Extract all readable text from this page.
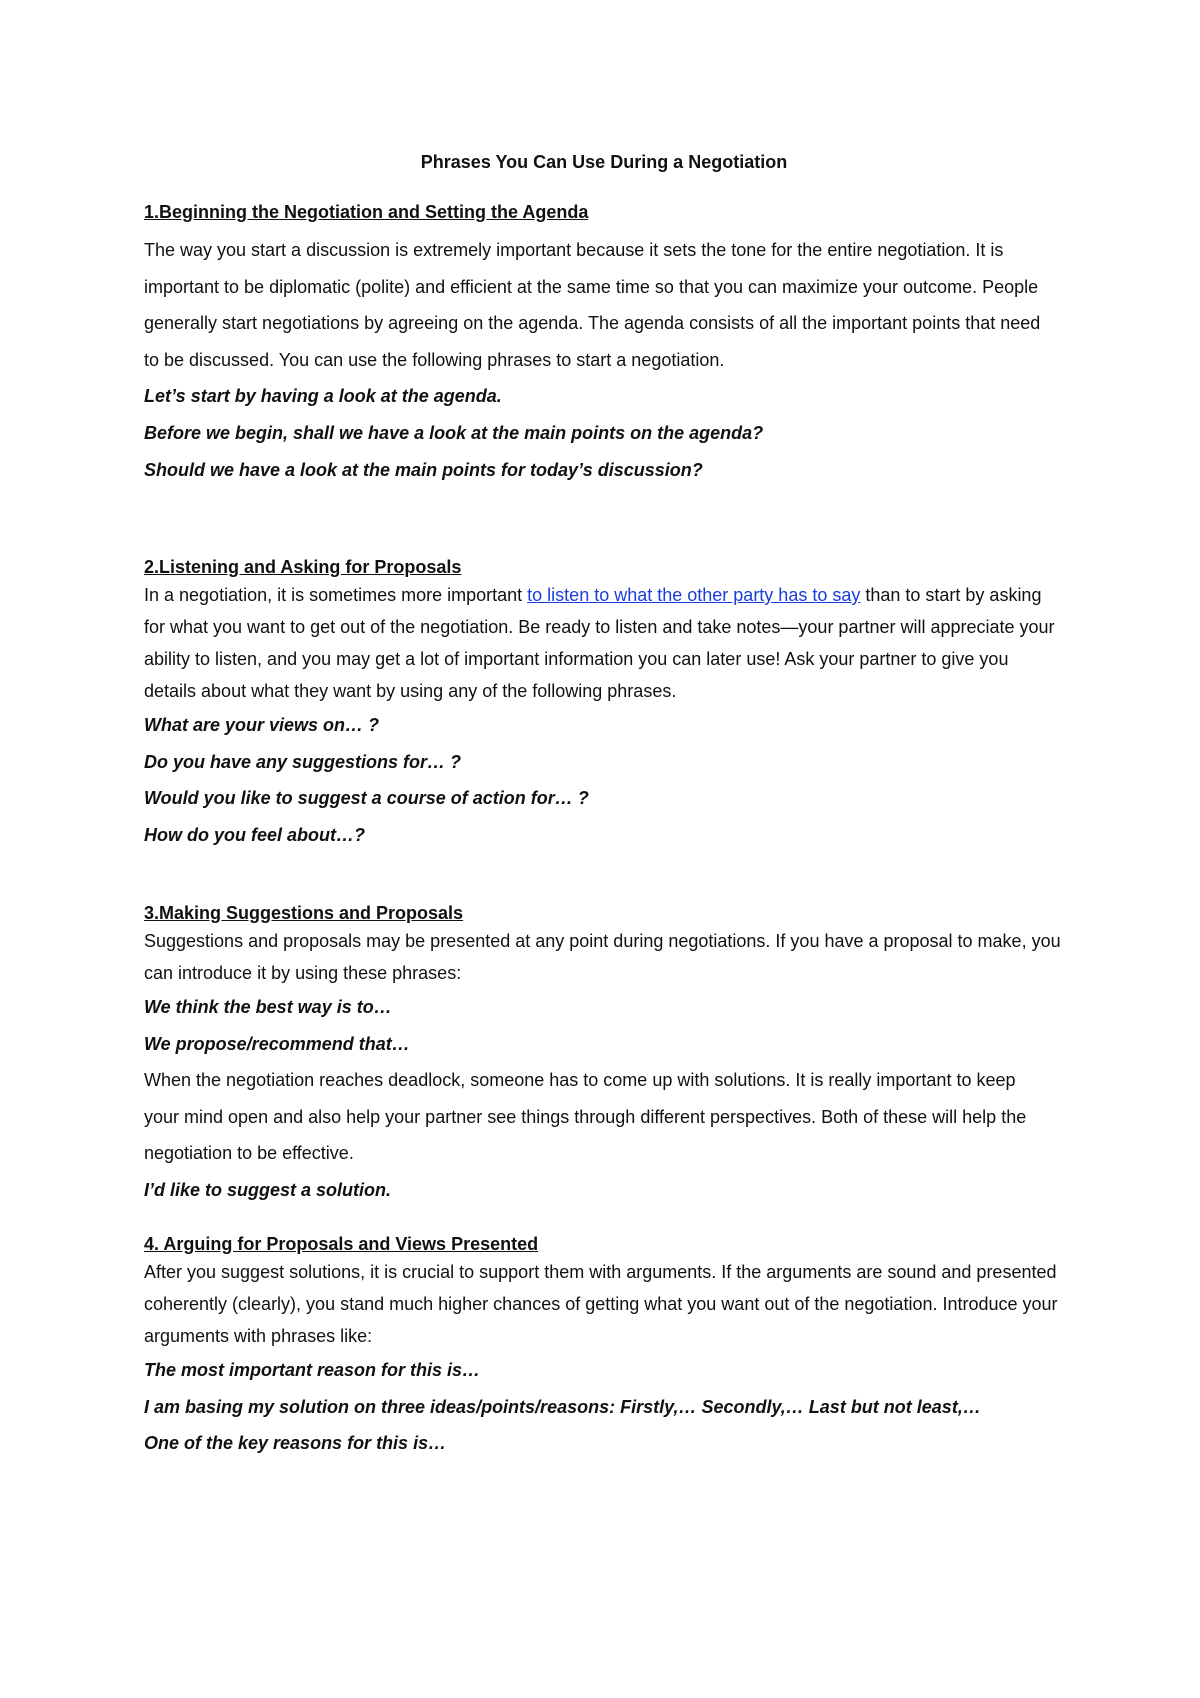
Phrases You Can Use During a Negotiation
1.Beginning the Negotiation and Setting the Agenda

The way you start a discussion is extremely important because it sets the tone for the entire negotiation. It is important to be diplomatic (polite) and efficient at the same time so that you can maximize your outcome. People generally start negotiations by agreeing on the agenda. The agenda consists of all the important points that need to be discussed. You can use the following phrases to start a negotiation.

Let’s start by having a look at the agenda.
Before we begin, shall we have a look at the main points on the agenda?
Should we have a look at the main points for today’s discussion?
2.Listening and Asking for Proposals

In a negotiation, it is sometimes more important to listen to what the other party has to say than to start by asking for what you want to get out of the negotiation. Be ready to listen and take notes—your partner will appreciate your ability to listen, and you may get a lot of important information you can later use! Ask your partner to give you details about what they want by using any of the following phrases.

What are your views on… ?
Do you have any suggestions for… ?
Would you like to suggest a course of action for… ?
How do you feel about…?
3.Making Suggestions and Proposals

Suggestions and proposals may be presented at any point during negotiations. If you have a proposal to make, you can introduce it by using these phrases:

We think the best way is to…
We propose/recommend that…

When the negotiation reaches deadlock, someone has to come up with solutions. It is really important to keep your mind open and also help your partner see things through different perspectives. Both of these will help the negotiation to be effective.

I’d like to suggest a solution.
4. Arguing for Proposals and Views Presented

After you suggest solutions, it is crucial to support them with arguments. If the arguments are sound and presented coherently (clearly), you stand much higher chances of getting what you want out of the negotiation. Introduce your arguments with phrases like:

The most important reason for this is…
I am basing my solution on three ideas/points/reasons: Firstly,… Secondly,… Last but not least,…
One of the key reasons for this is…
